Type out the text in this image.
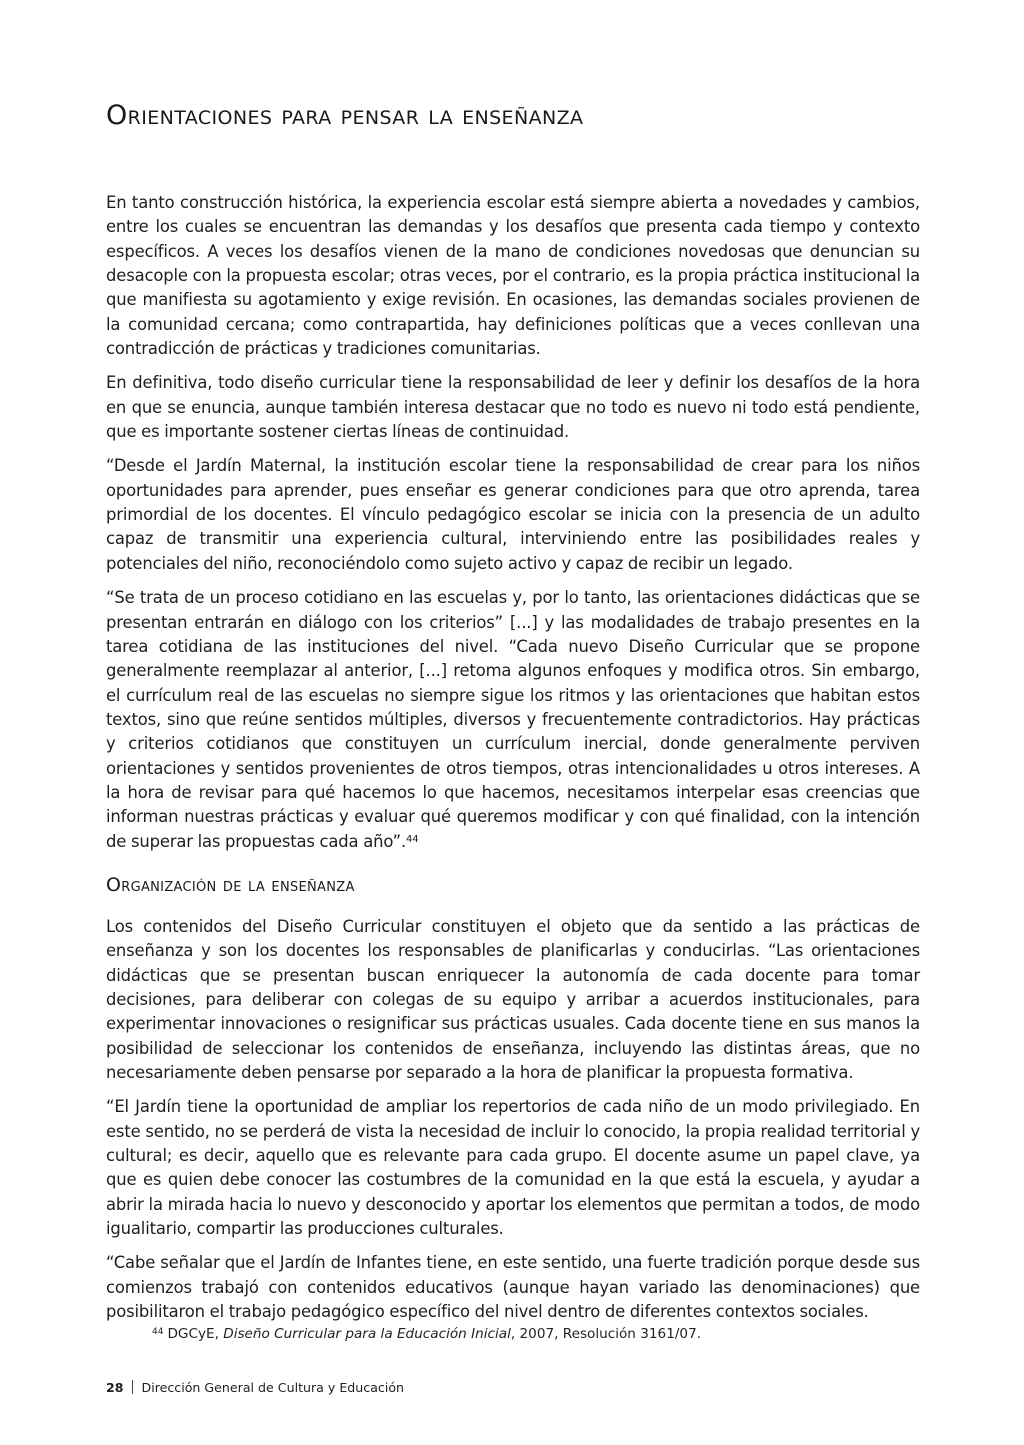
Orientaciones para pensar la enseñanza

En tanto construcción histórica, la experiencia escolar está siempre abierta a novedades y cambios, entre los cuales se encuentran las demandas y los desafíos que presenta cada tiempo y contexto específicos. A veces los desafíos vienen de la mano de condiciones novedosas que denuncian su desacople con la propuesta escolar; otras veces, por el contrario, es la propia práctica institucional la que manifiesta su agotamiento y exige revisión. En ocasiones, las demandas sociales provienen de la comunidad cercana; como contrapartida, hay definiciones políticas que a veces conllevan una contradicción de prácticas y tradiciones comunitarias.

En definitiva, todo diseño curricular tiene la responsabilidad de leer y definir los desafíos de la hora en que se enuncia, aunque también interesa destacar que no todo es nuevo ni todo está pendiente, que es importante sostener ciertas líneas de continuidad.

“Desde el Jardín Maternal, la institución escolar tiene la responsabilidad de crear para los niños oportunidades para aprender, pues enseñar es generar condiciones para que otro aprenda, tarea primordial de los docentes. El vínculo pedagógico escolar se inicia con la presencia de un adulto capaz de transmitir una experiencia cultural, interviniendo entre las posibilidades reales y potenciales del niño, reconociéndolo como sujeto activo y capaz de recibir un legado.

“Se trata de un proceso cotidiano en las escuelas y, por lo tanto, las orientaciones didácticas que se presentan entrarán en diálogo con los criterios” [...] y las modalidades de trabajo presentes en la tarea cotidiana de las instituciones del nivel. “Cada nuevo Diseño Curricular que se propone generalmente reemplazar al anterior, [...] retoma algunos enfoques y modifica otros. Sin embargo, el currículum real de las escuelas no siempre sigue los ritmos y las orientaciones que habitan estos textos, sino que reúne sentidos múltiples, diversos y frecuentemente contradictorios. Hay prácticas y criterios cotidianos que constituyen un currículum inercial, donde generalmente perviven orientaciones y sentidos provenientes de otros tiempos, otras intencionalidades u otros intereses. A la hora de revisar para qué hacemos lo que hacemos, necesitamos interpelar esas creencias que informan nuestras prácticas y evaluar qué queremos modificar y con qué finalidad, con la intención de superar las propuestas cada año”.$^{44}$

Organización de la enseñanza

Los contenidos del Diseño Curricular constituyen el objeto que da sentido a las prácticas de enseñanza y son los docentes los responsables de planificarlas y conducirlas. “Las orientaciones didácticas que se presentan buscan enriquecer la autonomía de cada docente para tomar decisiones, para deliberar con colegas de su equipo y arribar a acuerdos institucionales, para experimentar innovaciones o resignificar sus prácticas usuales. Cada docente tiene en sus manos la posibilidad de seleccionar los contenidos de enseñanza, incluyendo las distintas áreas, que no necesariamente deben pensarse por separado a la hora de planificar la propuesta formativa.

“El Jardín tiene la oportunidad de ampliar los repertorios de cada niño de un modo privilegiado. En este sentido, no se perderá de vista la necesidad de incluir lo conocido, la propia realidad territorial y cultural; es decir, aquello que es relevante para cada grupo. El docente asume un papel clave, ya que es quien debe conocer las costumbres de la comunidad en la que está la escuela, y ayudar a abrir la mirada hacia lo nuevo y desconocido y aportar los elementos que permitan a todos, de modo igualitario, compartir las producciones culturales.

“Cabe señalar que el Jardín de Infantes tiene, en este sentido, una fuerte tradición porque desde sus comienzos trabajó con contenidos educativos (aunque hayan variado las denominaciones) que posibilitaron el trabajo pedagógico específico del nivel dentro de diferentes contextos sociales.

$^{44}$ DGCyE, Diseño Curricular para la Educación Inicial, 2007, Resolución 3161/07.
28 Dirección General de Cultura y Educación
